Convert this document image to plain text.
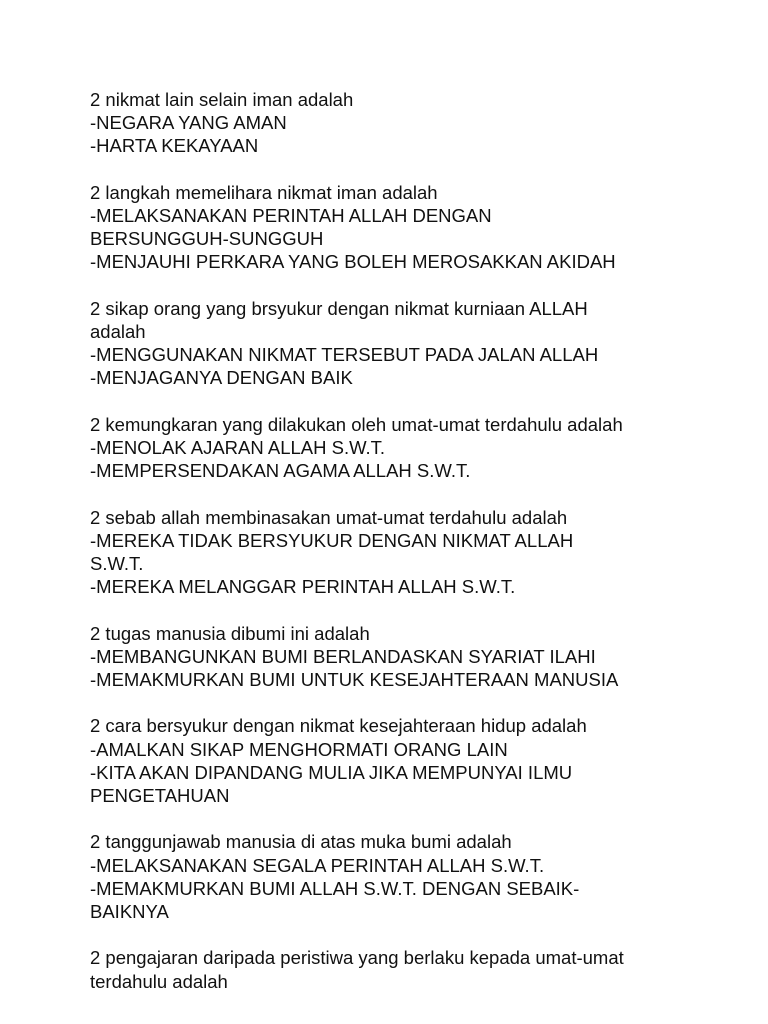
2 nikmat lain selain iman adalah
-NEGARA YANG AMAN
-HARTA KEKAYAAN
2 langkah memelihara nikmat iman adalah
-MELAKSANAKAN PERINTAH ALLAH DENGAN
BERSUNGGUH-SUNGGUH
-MENJAUHI PERKARA YANG BOLEH MEROSAKKAN AKIDAH
2 sikap orang yang brsyukur dengan nikmat kurniaan ALLAH
adalah
-MENGGUNAKAN NIKMAT TERSEBUT PADA JALAN ALLAH
-MENJAGANYA DENGAN BAIK
2 kemungkaran yang dilakukan oleh umat-umat terdahulu adalah
-MENOLAK AJARAN ALLAH S.W.T.
-MEMPERSENDAKAN AGAMA ALLAH S.W.T.
2 sebab allah membinasakan umat-umat terdahulu adalah
-MEREKA TIDAK BERSYUKUR DENGAN NIKMAT ALLAH
S.W.T.
-MEREKA MELANGGAR PERINTAH ALLAH S.W.T.
2 tugas manusia dibumi ini adalah
-MEMBANGUNKAN BUMI BERLANDASKAN SYARIAT ILAHI
-MEMAKMURKAN BUMI UNTUK KESEJAHTERAAN MANUSIA
2 cara bersyukur dengan nikmat kesejahteraan hidup adalah
-AMALKAN SIKAP MENGHORMATI ORANG LAIN
-KITA AKAN DIPANDANG MULIA JIKA MEMPUNYAI ILMU
PENGETAHUAN
2 tanggunjawab manusia di atas muka bumi adalah
-MELAKSANAKAN SEGALA PERINTAH ALLAH S.W.T.
-MEMAKMURKAN BUMI ALLAH S.W.T. DENGAN SEBAIK-
BAIKNYA
2 pengajaran daripada peristiwa yang berlaku kepada umat-umat
terdahulu adalah
